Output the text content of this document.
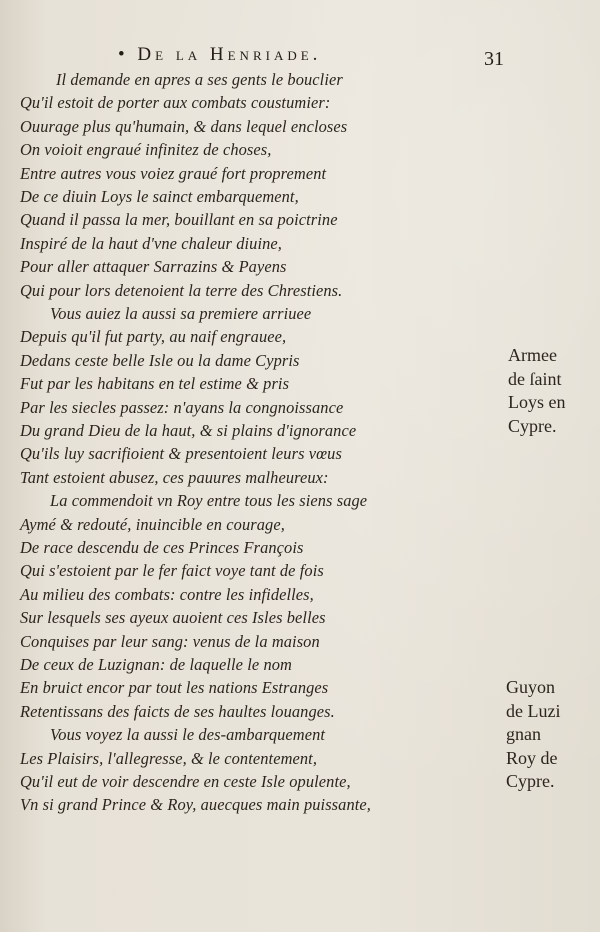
• De la Henriade.	31
Il demande en apres a ses gents le bouclier
Qu'il estoit de porter aux combats coustumier:
Ouurage plus qu'humain, & dans lequel encloses
On voioit engraué infinitez de choses,
Entre autres vous voiez graué fort proprement
De ce diuin Loys le sainct embarquement,
Quand il passa la mer, bouillant en sa poictrine
Inspiré de la haut d'vne chaleur diuine,
Pour aller attaquer Sarrazins & Payens
Qui pour lors detenoient la terre des Chrestiens.
Vous auiez la aussi sa premiere arriuee
Depuis qu'il fut party, au naif engrauee,
Dedans ceste belle Isle ou la dame Cypris
Fut par les habitans en tel estime & pris
Par les siecles passez: n'ayans la congnoissance
Du grand Dieu de la haut, & si plains d'ignorance
Qu'ils luy sacrifioient & presentoient leurs vœus
Tant estoient abusez, ces pauures malheureux:
La commendoit vn Roy entre tous les siens sage
Aymé & redouté, inuincible en courage,
De race descendu de ces Princes François
Qui s'estoient par le fer faict voye tant de fois
Au milieu des combats: contre les infidelles,
Sur lesquels ses ayeux auoient ces Isles belles
Conquises par leur sang: venus de la maison
De ceux de Luzignan: de laquelle le nom
En bruict encor par tout les nations Estranges
Retentissans des faicts de ses haultes louanges.
Vous voyez la aussi le des-ambarquement
Les Plaisirs, l'allegresse, & le contentement,
Qu'il eut de voir descendre en ceste Isle opulente,
Vn si grand Prince & Roy, auecques main puissante,
Armee
de ſaint
Loys en
Cypre.
Guyon
de Luzi
gnan
Roy de
Cypre.
